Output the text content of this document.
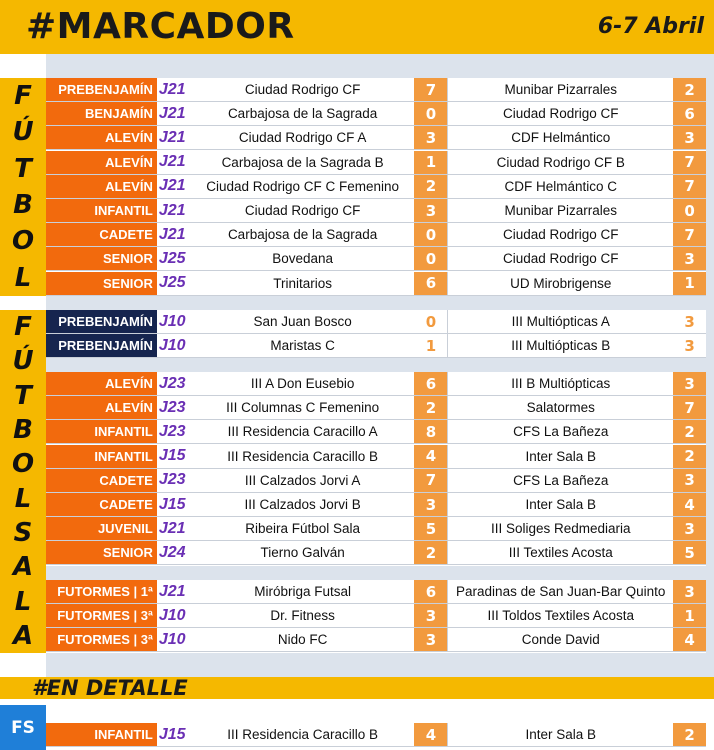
#MARCADOR	6-7 Abril
F
Ú
T
B
O
L
F
Ú
T
B
O
L
S
A
L
A
PREBENJAMÍN J21	Ciudad Rodrigo CF	7	Munibar Pizarrales	2
BENJAMÍN J21	Carbajosa de la Sagrada	0	Ciudad Rodrigo CF	6
ALEVÍN J21	Ciudad Rodrigo CF A	3	CDF Helmántico	3
ALEVÍN J21	Carbajosa de la Sagrada B	1	Ciudad Rodrigo CF B	7
ALEVÍN J21	Ciudad Rodrigo CF C Femenino	2	CDF Helmántico C	7
INFANTIL J21	Ciudad Rodrigo CF	3	Munibar Pizarrales	0
CADETE J21	Carbajosa de la Sagrada	0	Ciudad Rodrigo CF	7
SENIOR J25	Bovedana	0	Ciudad Rodrigo CF	3
SENIOR J25	Trinitarios	6	UD Mirobrigense	1
PREBENJAMÍN J10	San Juan Bosco	0	III Multiópticas A	3
PREBENJAMÍN J10	Maristas C	1	III Multiópticas B	3
ALEVÍN J23	III A Don Eusebio	6	III B Multiópticas	3
ALEVÍN J23	III Columnas C Femenino	2	Salatormes	7
INFANTIL J23	III Residencia Caracillo A	8	CFS La Bañeza	2
INFANTIL J15	III Residencia Caracillo B	4	Inter Sala B	2
CADETE J23	III Calzados Jorvi A	7	CFS La Bañeza	3
CADETE J15	III Calzados Jorvi B	3	Inter Sala B	4
JUVENIL J21	Ribeira Fútbol Sala	5	III Soliges Redmediaria	3
SENIOR J24	Tierno Galván	2	III Textiles Acosta	5
FUTORMES | 1ª J21	Miróbriga Futsal	6	Paradinas de San Juan-Bar Quinto	3
FUTORMES | 3ª J10	Dr. Fitness	3	III Toldos Textiles Acosta	1
FUTORMES | 3ª J10	Nido FC	3	Conde David	4
#EN DETALLE
FS	INFANTIL J15	III Residencia Caracillo B	4	Inter Sala B	2
